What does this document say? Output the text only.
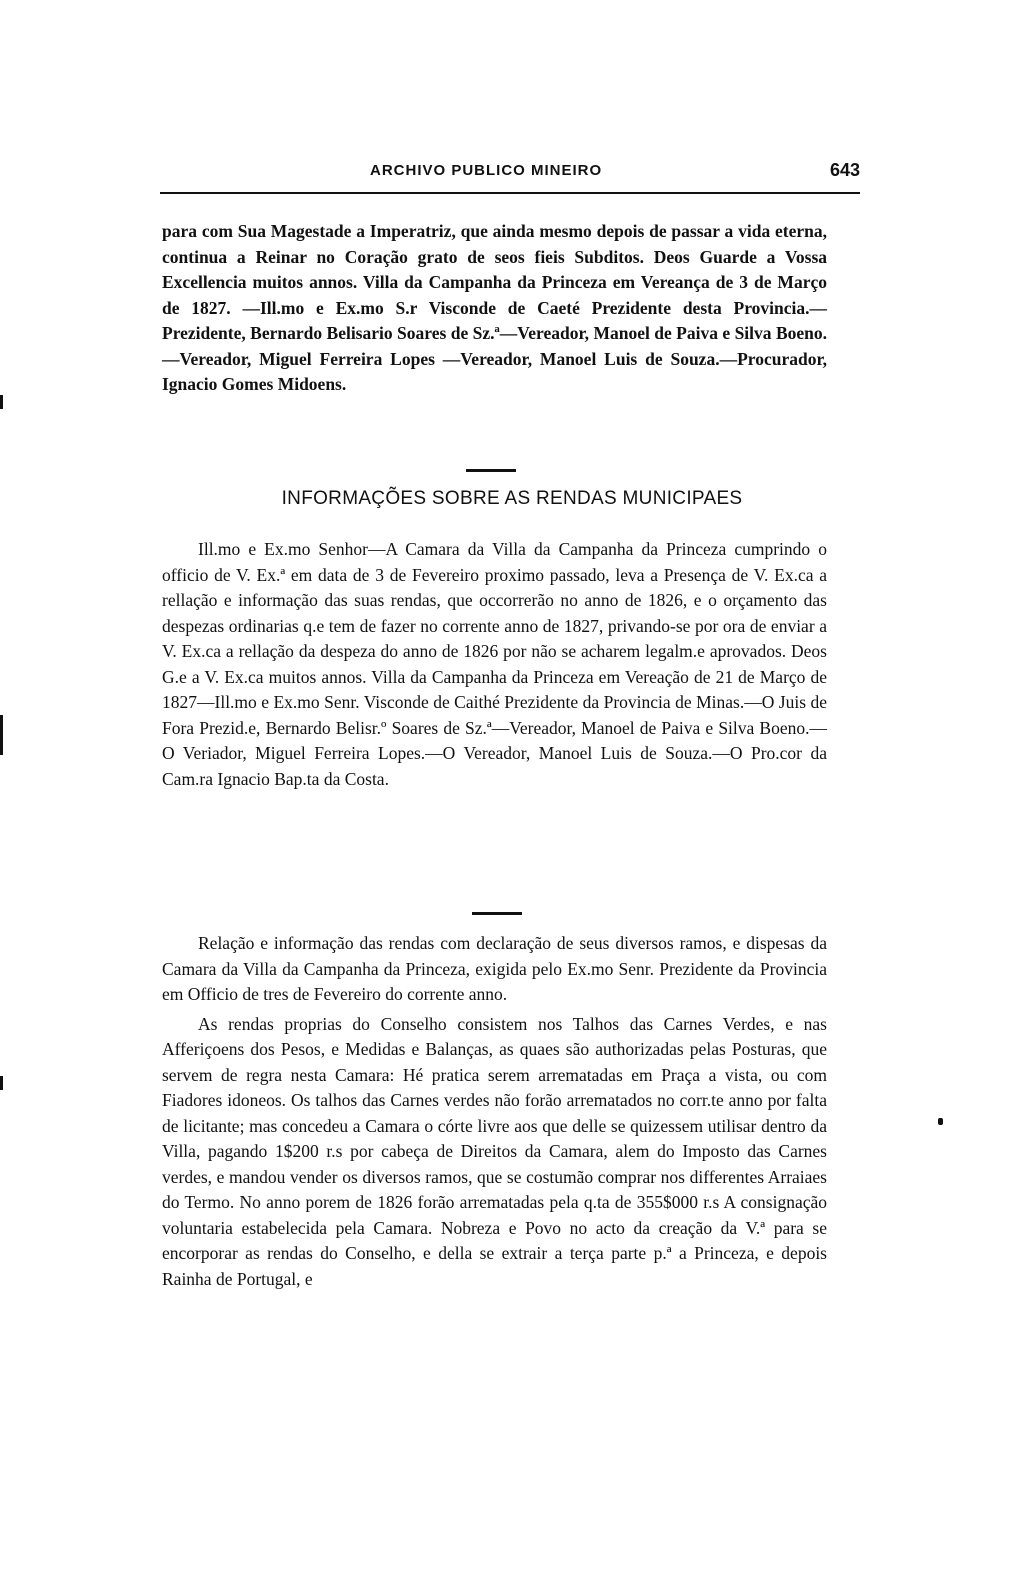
ARCHIVO PUBLICO MINEIRO	643

para com Sua Magestade a Imperatriz, que ainda mesmo depois de passar a vida eterna, continua a Reinar no Coração grato de seos fieis Subditos. Deos Guarde a Vossa Excellencia muitos annos. Villa da Campanha da Princeza em Vereança de 3 de Março de 1827. —Ill.mo e Ex.mo S.r Visconde de Caeté Prezidente desta Provincia.—Prezidente, Bernardo Belisario Soares de Sz.ª—Vereador, Manoel de Paiva e Silva Boeno.—Vereador, Miguel Ferreira Lopes —Vereador, Manoel Luis de Souza.—Procurador, Ignacio Gomes Midoens.

INFORMAÇÕES SOBRE AS RENDAS MUNICIPAES

Ill.mo e Ex.mo Senhor—A Camara da Villa da Campanha da Princeza cumprindo o officio de V. Ex.ª em data de 3 de Fevereiro proximo passado, leva a Presença de V. Ex.ca a rellação e informação das suas rendas, que occorrerão no anno de 1826, e o orçamento das despezas ordinarias q.e tem de fazer no corrente anno de 1827, privando-se por ora de enviar a V. Ex.ca a rellação da despeza do anno de 1826 por não se acharem legalm.e aprovados. Deos G.e a V. Ex.ca muitos annos. Villa da Campanha da Princeza em Vereação de 21 de Março de 1827—Ill.mo e Ex.mo Senr. Visconde de Caithé Prezidente da Provincia de Minas.—O Juis de Fora Prezid.e, Bernardo Belisr.º Soares de Sz.ª—Vereador, Manoel de Paiva e Silva Boeno.—O Veriador, Miguel Ferreira Lopes.—O Vereador, Manoel Luis de Souza.—O Pro.cor da Cam.ra Ignacio Bap.ta da Costa.

Relação e informação das rendas com declaração de seus diversos ramos, e dispesas da Camara da Villa da Campanha da Princeza, exigida pelo Ex.mo Senr. Prezidente da Provincia em Officio de tres de Fevereiro do corrente anno.

As rendas proprias do Conselho consistem nos Talhos das Carnes Verdes, e nas Afferiçoens dos Pesos, e Medidas e Balanças, as quaes são authorizadas pelas Posturas, que servem de regra nesta Camara: Hé pratica serem arrematadas em Praça a vista, ou com Fiadores idoneos. Os talhos das Carnes verdes não forão arrematados no corr.te anno por falta de licitante; mas concedeu a Camara o córte livre aos que delle se quizessem utilisar dentro da Villa, pagando 1$200 r.s por cabeça de Direitos da Camara, alem do Imposto das Carnes verdes, e mandou vender os diversos ramos, que se costumão comprar nos differentes Arraiaes do Termo. No anno porem de 1826 forão arrematadas pela q.ta de 355$000 r.s A consignação voluntaria estabelecida pela Camara. Nobreza e Povo no acto da creação da V.ª para se encorporar as rendas do Conselho, e della se extrair a terça parte p.ª a Princeza, e depois Rainha de Portugal, e
